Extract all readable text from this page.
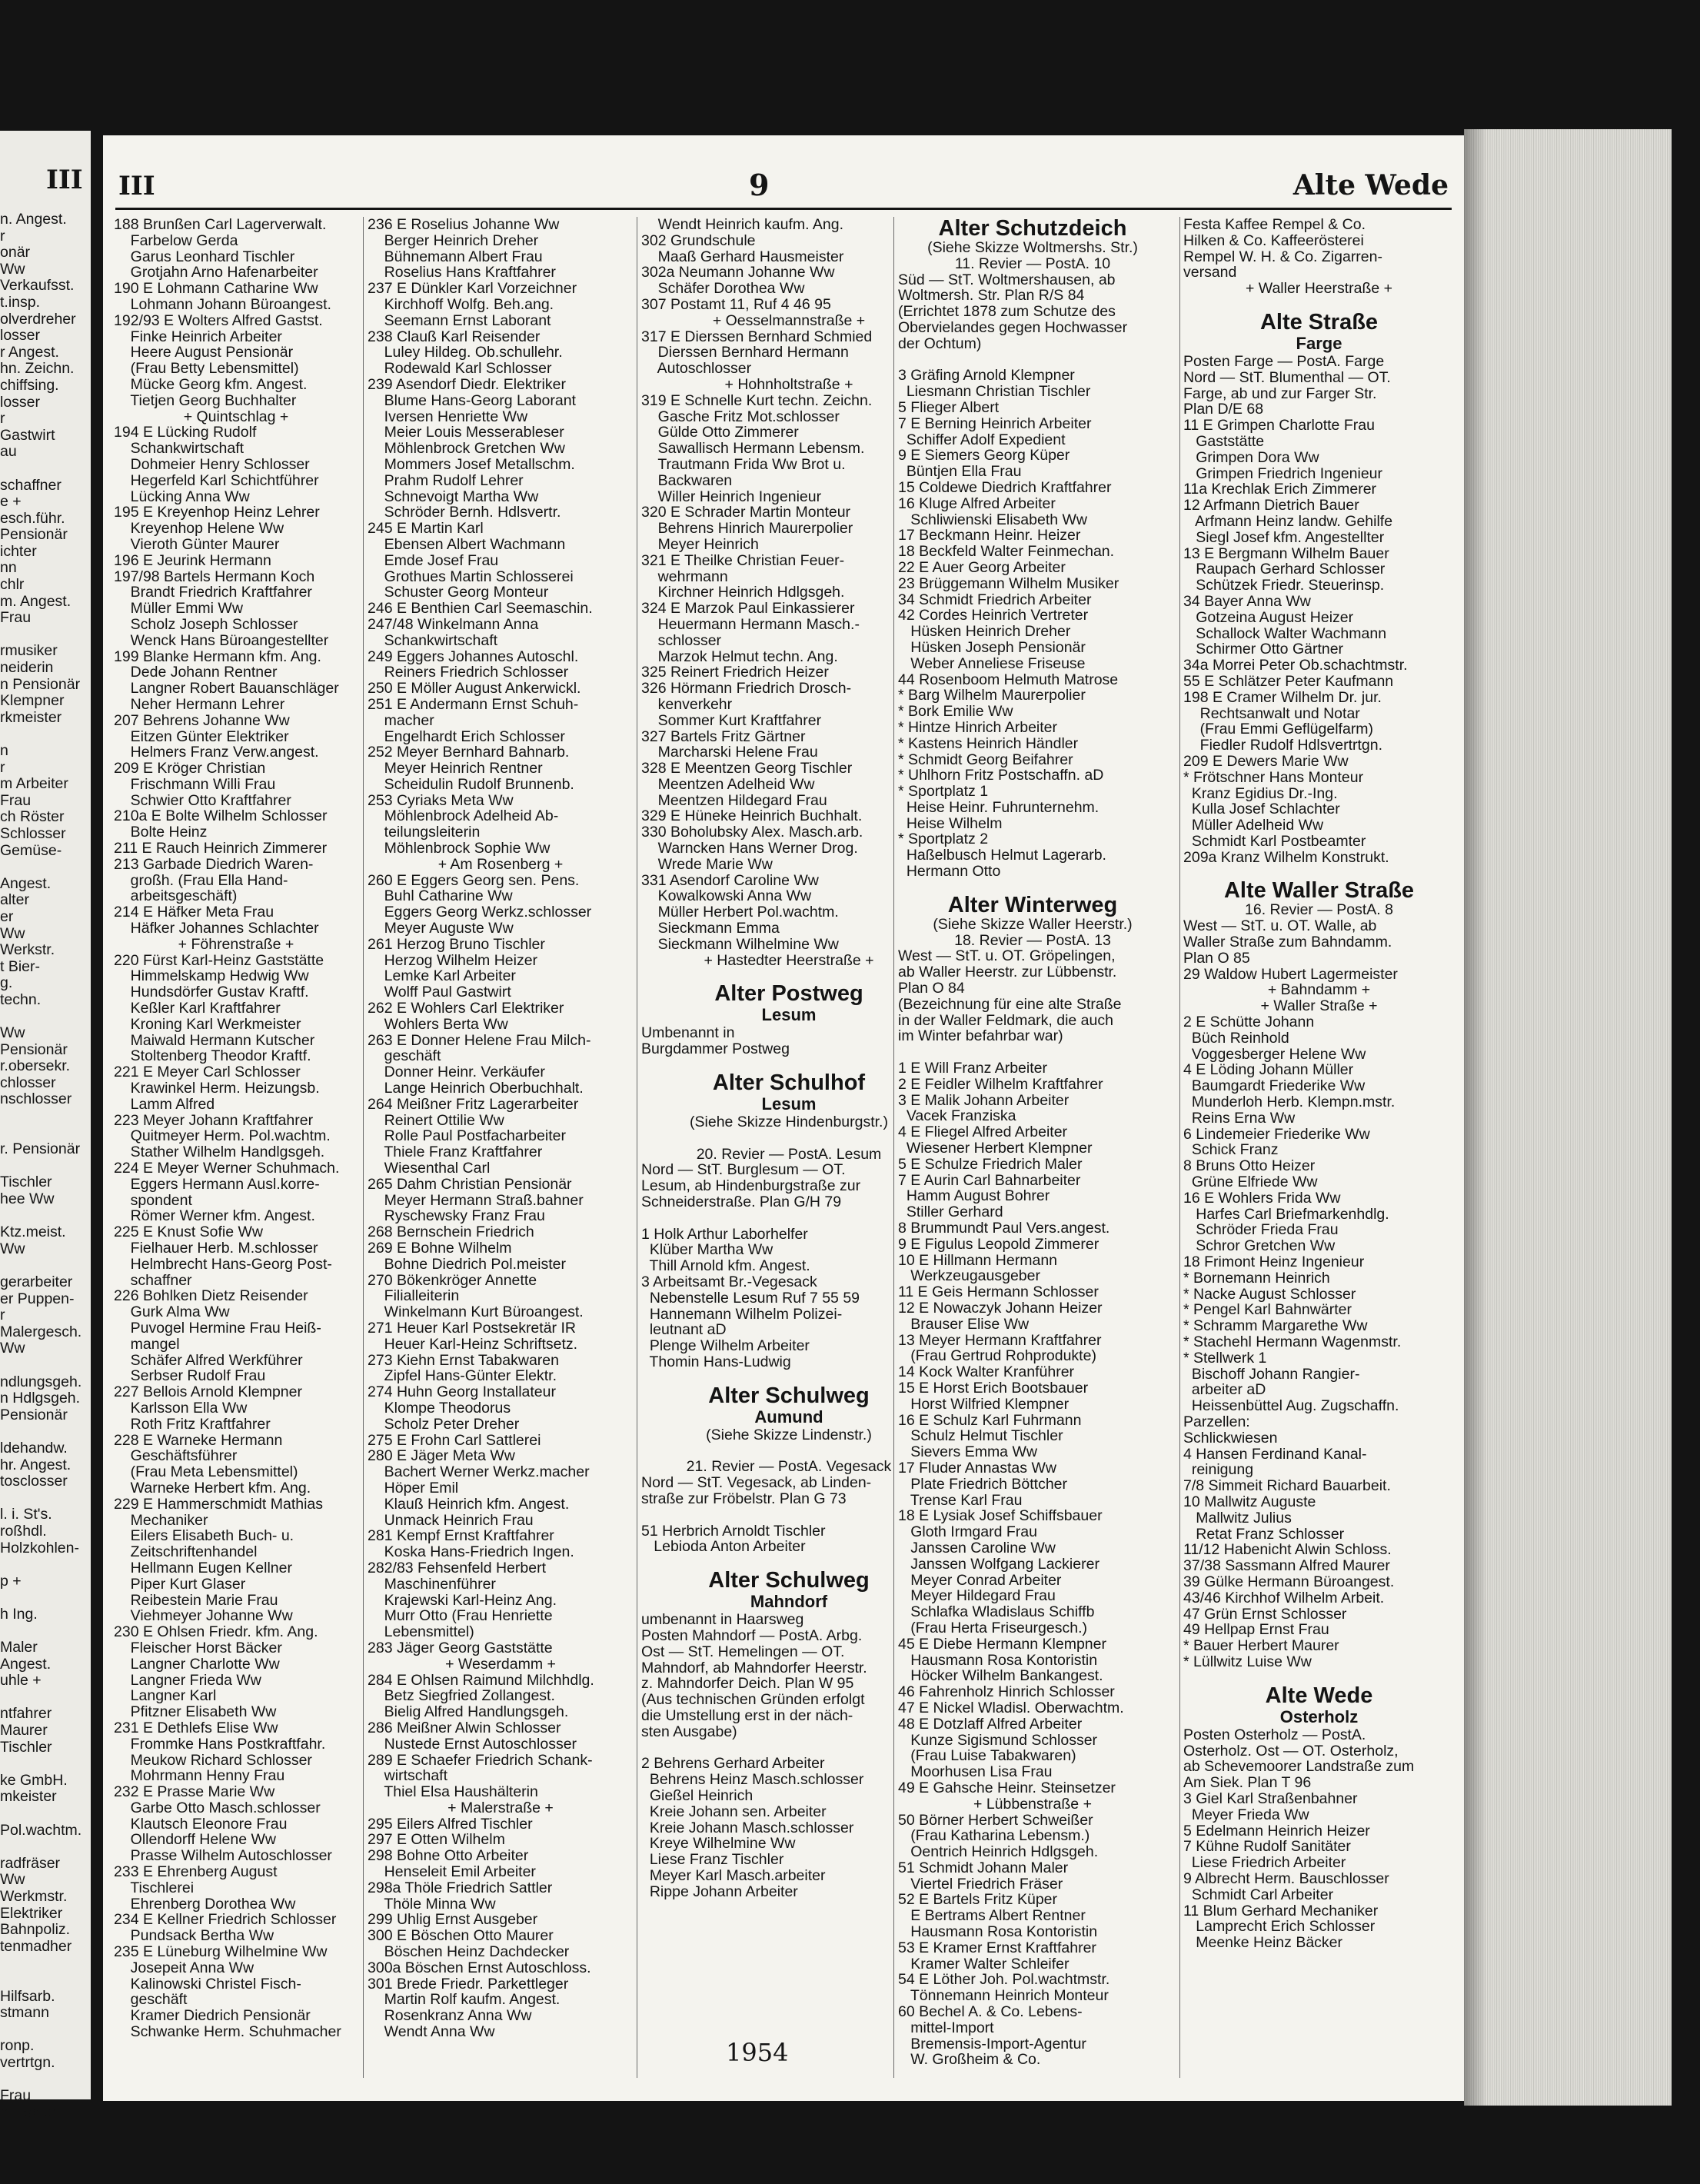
III
n. Angest.
r
onär
Ww
Verkaufsst.
t.insp.
olverdreher
losser
r Angest.
hn. Zeichn.
chiffsing.
losser
r
Gastwirt
au
schaffner
e +
esch.führ.
Pensionär
ichter
nn
chlr
m. Angest.
Frau
rmusiker
neiderin
n Pensionär
Klempner
rkmeister
n
r
m Arbeiter
Frau
ch Röster
Schlosser
Gemüse-
Angest.
alter
er
Ww
Werkstr.
t Bier-
g.
techn.
Ww
Pensionär
r.obersekr.
chlosser
nschlosser
r. Pensionär
Tischler
hee Ww
Ktz.meist.
Ww
gerarbeiter
er Puppen-
r
Malergesch.
Ww
ndlungsgeh.
n Hdlgsgeh.
Pensionär
ldehandw.
hr. Angest.
tosclosser
l. i. St's.
roßhdl.
Holzkohlen-
p +
h Ing.
Maler
Angest.
uhle +
ntfahrer
Maurer
Tischler
ke GmbH.
mkeister
Pol.wachtm.
radfräser
Ww
Werkmstr.
Elektriker
Bahnpoliz.
tenmadher
Hilfsarb.
stmann
ronp.
vertrtgn.
Frau
n Hobler
III	9	Alte Wede
188 Brunßen Carl Lagerverwalt.
Farbelow Gerda
Garus Leonhard Tischler
Grotjahn Arno Hafenarbeiter
190 E Lohmann Catharine Ww
Lohmann Johann Büroangest.
192/93 E Wolters Alfred Gastst.
Finke Heinrich Arbeiter
Heere August Pensionär
(Frau Betty Lebensmittel)
Mücke Georg kfm. Angest.
Tietjen Georg Buchhalter
+ Quintschlag +
194 E Lücking Rudolf
Schankwirtschaft
Dohmeier Henry Schlosser
Hegerfeld Karl Schichtführer
Lücking Anna Ww
195 E Kreyenhop Heinz Lehrer
Kreyenhop Helene Ww
Vieroth Günter Maurer
196 E Jeurink Hermann
197/98 Bartels Hermann Koch
Brandt Friedrich Kraftfahrer
Müller Emmi Ww
Scholz Joseph Schlosser
Wenck Hans Büroangestellter
199 Blanke Hermann kfm. Ang.
Dede Johann Rentner
Langner Robert Bauanschläger
Neher Hermann Lehrer
207 Behrens Johanne Ww
Eitzen Günter Elektriker
Helmers Franz Verw.angest.
209 E Kröger Christian
Frischmann Willi Frau
Schwier Otto Kraftfahrer
210a E Bolte Wilhelm Schlosser
Bolte Heinz
211 E Rauch Heinrich Zimmerer
213 Garbade Diedrich Waren-
großh. (Frau Ella Hand-
arbeitsgeschäft)
214 E Häfker Meta Frau
Häfker Johannes Schlachter
+ Föhrenstraße +
220 Fürst Karl-Heinz Gaststätte
Himmelskamp Hedwig Ww
Hundsdörfer Gustav Kraftf.
Keßler Karl Kraftfahrer
Kroning Karl Werkmeister
Maiwald Hermann Kutscher
Stoltenberg Theodor Kraftf.
221 E Meyer Carl Schlosser
Krawinkel Herm. Heizungsb.
Lamm Alfred
223 Meyer Johann Kraftfahrer
Quitmeyer Herm. Pol.wachtm.
Stather Wilhelm Handlgsgeh.
224 E Meyer Werner Schuhmach.
Eggers Hermann Ausl.korre-
spondent
Römer Werner kfm. Angest.
225 E Knust Sofie Ww
Fielhauer Herb. M.schlosser
Helmbrecht Hans-Georg Post-
schaffner
226 Bohlken Dietz Reisender
Gurk Alma Ww
Puvogel Hermine Frau Heiß-
mangel
Schäfer Alfred Werkführer
Serbser Rudolf Frau
227 Bellois Arnold Klempner
Karlsson Ella Ww
Roth Fritz Kraftfahrer
228 E Warneke Hermann
Geschäftsführer
(Frau Meta Lebensmittel)
Warneke Herbert kfm. Ang.
229 E Hammerschmidt Mathias
Mechaniker
Eilers Elisabeth Buch- u.
Zeitschriftenhandel
Hellmann Eugen Kellner
Piper Kurt Glaser
Reibestein Marie Frau
Viehmeyer Johanne Ww
230 E Ohlsen Friedr. kfm. Ang.
Fleischer Horst Bäcker
Langner Charlotte Ww
Langner Frieda Ww
Langner Karl
Pfitzner Elisabeth Ww
231 E Dethlefs Elise Ww
Frommke Hans Postkraftfahr.
Meukow Richard Schlosser
Mohrmann Henny Frau
232 E Prasse Marie Ww
Garbe Otto Masch.schlosser
Klautsch Eleonore Frau
Ollendorff Helene Ww
Prasse Wilhelm Autoschlosser
233 E Ehrenberg August
Tischlerei
Ehrenberg Dorothea Ww
234 E Kellner Friedrich Schlosser
Pundsack Bertha Ww
235 E Lüneburg Wilhelmine Ww
Josepeit Anna Ww
Kalinowski Christel Fisch-
geschäft
Kramer Diedrich Pensionär
Schwanke Herm. Schuhmacher
236 E Roselius Johanne Ww
Berger Heinrich Dreher
Bühnemann Albert Frau
Roselius Hans Kraftfahrer
237 E Dünkler Karl Vorzeichner
Kirchhoff Wolfg. Beh.ang.
Seemann Ernst Laborant
238 Clauß Karl Reisender
Luley Hildeg. Ob.schullehr.
Rodewald Karl Schlosser
239 Asendorf Diedr. Elektriker
Blume Hans-Georg Laborant
Iversen Henriette Ww
Meier Louis Messerableser
Möhlenbrock Gretchen Ww
Mommers Josef Metallschm.
Prahm Rudolf Lehrer
Schnevoigt Martha Ww
Schröder Bernh. Hdlsvertr.
245 E Martin Karl
Ebensen Albert Wachmann
Emde Josef Frau
Grothues Martin Schlosserei
Schuster Georg Monteur
246 E Benthien Carl Seemaschin.
247/48 Winkelmann Anna
Schankwirtschaft
249 Eggers Johannes Autoschl.
Reiners Friedrich Schlosser
250 E Möller August Ankerwickl.
251 E Andermann Ernst Schuh-
macher
Engelhardt Erich Schlosser
252 Meyer Bernhard Bahnarb.
Meyer Heinrich Rentner
Scheidulin Rudolf Brunnenb.
253 Cyriaks Meta Ww
Möhlenbrock Adelheid Ab-
teilungsleiterin
Möhlenbrock Sophie Ww
+ Am Rosenberg +
260 E Eggers Georg sen. Pens.
Buhl Catharine Ww
Eggers Georg Werkz.schlosser
Meyer Auguste Ww
261 Herzog Bruno Tischler
Herzog Wilhelm Heizer
Lemke Karl Arbeiter
Wolff Paul Gastwirt
262 E Wohlers Carl Elektriker
Wohlers Berta Ww
263 E Donner Helene Frau Milch-
geschäft
Donner Heinr. Verkäufer
Lange Heinrich Oberbuchhalt.
264 Meißner Fritz Lagerarbeiter
Reinert Ottilie Ww
Rolle Paul Postfacharbeiter
Thiele Franz Kraftfahrer
Wiesenthal Carl
265 Dahm Christian Pensionär
Meyer Hermann Straß.bahner
Ryschewsky Franz Frau
268 Bernschein Friedrich
269 E Bohne Wilhelm
Bohne Diedrich Pol.meister
270 Bökenkröger Annette
Filialleiterin
Winkelmann Kurt Büroangest.
271 Heuer Karl Postsekretär IR
Heuer Karl-Heinz Schriftsetz.
273 Kiehn Ernst Tabakwaren
Zipfel Hans-Günter Elektr.
274 Huhn Georg Installateur
Klompe Theodorus
Scholz Peter Dreher
275 E Frohn Carl Sattlerei
280 E Jäger Meta Ww
Bachert Werner Werkz.macher
Höper Emil
Klauß Heinrich kfm. Angest.
Unmack Heinrich Frau
281 Kempf Ernst Kraftfahrer
Koska Hans-Friedrich Ingen.
282/83 Fehsenfeld Herbert
Maschinenführer
Krajewski Karl-Heinz Ang.
Murr Otto (Frau Henriette
Lebensmittel)
283 Jäger Georg Gaststätte
+ Weserdamm +
284 E Ohlsen Raimund Milchhdlg.
Betz Siegfried Zollangest.
Bielig Alfred Handlungsgeh.
286 Meißner Alwin Schlosser
Nustede Ernst Autoschlosser
289 E Schaefer Friedrich Schank-
wirtschaft
Thiel Elsa Haushälterin
+ Malerstraße +
295 Eilers Alfred Tischler
297 E Otten Wilhelm
298 Bohne Otto Arbeiter
Henseleit Emil Arbeiter
298a Thöle Friedrich Sattler
Thöle Minna Ww
299 Uhlig Ernst Ausgeber
300 E Böschen Otto Maurer
Böschen Heinz Dachdecker
300a Böschen Ernst Autoschloss.
301 Brede Friedr. Parkettleger
Martin Rolf kaufm. Angest.
Rosenkranz Anna Ww
Wendt Anna Ww
Wendt Heinrich kaufm. Ang.
302 Grundschule
Maaß Gerhard Hausmeister
302a Neumann Johanne Ww
Schäfer Dorothea Ww
307 Postamt 11, Ruf 4 46 95
+ Oesselmannstraße +
317 E Dierssen Bernhard Schmied
Dierssen Bernhard Hermann
Autoschlosser
+ Hohnholtstraße +
319 E Schnelle Kurt techn. Zeichn.
Gasche Fritz Mot.schlosser
Gülde Otto Zimmerer
Sawallisch Hermann Lebensm.
Trautmann Frida Ww Brot u.
Backwaren
Willer Heinrich Ingenieur
320 E Schrader Martin Monteur
Behrens Hinrich Maurerpolier
Meyer Heinrich
321 E Theilke Christian Feuer-
wehrmann
Kirchner Heinrich Hdlgsgeh.
324 E Marzok Paul Einkassierer
Heuermann Hermann Masch.-
schlosser
Marzok Helmut techn. Ang.
325 Reinert Friedrich Heizer
326 Hörmann Friedrich Drosch-
kenverkehr
Sommer Kurt Kraftfahrer
327 Bartels Fritz Gärtner
Marcharski Helene Frau
328 E Meentzen Georg Tischler
Meentzen Adelheid Ww
Meentzen Hildegard Frau
329 E Hüneke Heinrich Buchhalt.
330 Boholubsky Alex. Masch.arb.
Warncken Hans Werner Drog.
Wrede Marie Ww
331 Asendorf Caroline Ww
Kowalkowski Anna Ww
Müller Herbert Pol.wachtm.
Sieckmann Emma
Sieckmann Wilhelmine Ww
+ Hastedter Heerstraße +
Alter Postweg
Lesum
Umbenannt in
Burgdammer Postweg
Alter Schulhof
Lesum
(Siehe Skizze Hindenburgstr.)
20. Revier — PostA. Lesum
Nord — StT. Burglesum — OT.
Lesum, ab Hindenburgstraße zur
Schneiderstraße. Plan G/H 79
1 Holk Arthur Laborhelfer
Klüber Martha Ww
Thill Arnold kfm. Angest.
3 Arbeitsamt Br.-Vegesack
Nebenstelle Lesum Ruf 7 55 59
Hannemann Wilhelm Polizei-
leutnant aD
Plenge Wilhelm Arbeiter
Thomin Hans-Ludwig
Alter Schulweg
Aumund
(Siehe Skizze Lindenstr.)
21. Revier — PostA. Vegesack
Nord — StT. Vegesack, ab Linden-
straße zur Fröbelstr. Plan G 73
51 Herbrich Arnoldt Tischler
Lebioda Anton Arbeiter
Alter Schulweg
Mahndorf
umbenannt in Haarsweg
Posten Mahndorf — PostA. Arbg.
Ost — StT. Hemelingen — OT.
Mahndorf, ab Mahndorfer Heerstr.
z. Mahndorfer Deich. Plan W 95
(Aus technischen Gründen erfolgt
die Umstellung erst in der näch-
sten Ausgabe)
2 Behrens Gerhard Arbeiter
Behrens Heinz Masch.schlosser
Gießel Heinrich
Kreie Johann sen. Arbeiter
Kreie Johann Masch.schlosser
Kreye Wilhelmine Ww
Liese Franz Tischler
Meyer Karl Masch.arbeiter
Rippe Johann Arbeiter
Alter Schutzdeich
(Siehe Skizze Woltmershs. Str.)
11. Revier — PostA. 10
Süd — StT. Woltmershausen, ab
Woltmersh. Str. Plan R/S 84
(Errichtet 1878 zum Schutze des
Obervielandes gegen Hochwasser
der Ochtum)
3 Gräfing Arnold Klempner
Liesmann Christian Tischler
5 Flieger Albert
7 E Berning Heinrich Arbeiter
Schiffer Adolf Expedient
9 E Siemers Georg Küper
Büntjen Ella Frau
15 Coldewe Diedrich Kraftfahrer
16 Kluge Alfred Arbeiter
Schliwienski Elisabeth Ww
17 Beckmann Heinr. Heizer
18 Beckfeld Walter Feinmechan.
22 E Auer Georg Arbeiter
23 Brüggemann Wilhelm Musiker
34 Schmidt Friedrich Arbeiter
42 Cordes Heinrich Vertreter
Hüsken Heinrich Dreher
Hüsken Joseph Pensionär
Weber Anneliese Friseuse
44 Rosenboom Helmuth Matrose
* Barg Wilhelm Maurerpolier
* Bork Emilie Ww
* Hintze Hinrich Arbeiter
* Kastens Heinrich Händler
* Schmidt Georg Beifahrer
* Uhlhorn Fritz Postschaffn. aD
* Sportplatz 1
Heise Heinr. Fuhrunternehm.
Heise Wilhelm
* Sportplatz 2
Haßelbusch Helmut Lagerarb.
Hermann Otto
Alter Winterweg
(Siehe Skizze Waller Heerstr.)
18. Revier — PostA. 13
West — StT. u. OT. Gröpelingen,
ab Waller Heerstr. zur Lübbenstr.
Plan O 84
(Bezeichnung für eine alte Straße
in der Waller Feldmark, die auch
im Winter befahrbar war)
1 E Will Franz Arbeiter
2 E Feidler Wilhelm Kraftfahrer
3 E Malik Johann Arbeiter
Vacek Franziska
4 E Fliegel Alfred Arbeiter
Wiesener Herbert Klempner
5 E Schulze Friedrich Maler
7 E Aurin Carl Bahnarbeiter
Hamm August Bohrer
Stiller Gerhard
8 Brummundt Paul Vers.angest.
9 E Figulus Leopold Zimmerer
10 E Hillmann Hermann
Werkzeugausgeber
11 E Geis Hermann Schlosser
12 E Nowaczyk Johann Heizer
Brauser Elise Ww
13 Meyer Hermann Kraftfahrer
(Frau Gertrud Rohprodukte)
14 Kock Walter Kranführer
15 E Horst Erich Bootsbauer
Horst Wilfried Klempner
16 E Schulz Karl Fuhrmann
Schulz Helmut Tischler
Sievers Emma Ww
17 Fluder Annastas Ww
Plate Friedrich Böttcher
Trense Karl Frau
18 E Lysiak Josef Schiffsbauer
Gloth Irmgard Frau
Janssen Caroline Ww
Janssen Wolfgang Lackierer
Meyer Conrad Arbeiter
Meyer Hildegard Frau
Schlafka Wladislaus Schiffb
(Frau Herta Friseurgesch.)
45 E Diebe Hermann Klempner
Hausmann Rosa Kontoristin
Höcker Wilhelm Bankangest.
46 Fahrenholz Hinrich Schlosser
47 E Nickel Wladisl. Oberwachtm.
48 E Dotzlaff Alfred Arbeiter
Kunze Sigismund Schlosser
(Frau Luise Tabakwaren)
Moorhusen Lisa Frau
49 E Gahsche Heinr. Steinsetzer
+ Lübbenstraße +
50 Börner Herbert Schweißer
(Frau Katharina Lebensm.)
Oentrich Heinrich Hdlgsgeh.
51 Schmidt Johann Maler
Viertel Friedrich Fräser
52 E Bartels Fritz Küper
E Bertrams Albert Rentner
Hausmann Rosa Kontoristin
53 E Kramer Ernst Kraftfahrer
Kramer Walter Schleifer
54 E Löther Joh. Pol.wachtmstr.
Tönnemann Heinrich Monteur
60 Bechel A. & Co. Lebens-
mittel-Import
Bremensis-Import-Agentur
W. Großheim & Co.
Festa Kaffee Rempel & Co.
Hilken & Co. Kaffeerösterei
Rempel W. H. & Co. Zigarren-
versand
+ Waller Heerstraße +
Alte Straße
Farge
Posten Farge — PostA. Farge
Nord — StT. Blumenthal — OT.
Farge, ab und zur Farger Str.
Plan D/E 68
11 E Grimpen Charlotte Frau
Gaststätte
Grimpen Dora Ww
Grimpen Friedrich Ingenieur
11a Krechlak Erich Zimmerer
12 Arfmann Dietrich Bauer
Arfmann Heinz landw. Gehilfe
Siegl Josef kfm. Angestellter
13 E Bergmann Wilhelm Bauer
Raupach Gerhard Schlosser
Schützek Friedr. Steuerinsp.
34 Bayer Anna Ww
Gotzeina August Heizer
Schallock Walter Wachmann
Schirmer Otto Gärtner
34a Morrei Peter Ob.schachtmstr.
55 E Schlätzer Peter Kaufmann
198 E Cramer Wilhelm Dr. jur.
Rechtsanwalt und Notar
(Frau Emmi Geflügelfarm)
Fiedler Rudolf Hdlsvertrtgn.
209 E Dewers Marie Ww
* Frötschner Hans Monteur
Kranz Egidius Dr.-Ing.
Kulla Josef Schlachter
Müller Adelheid Ww
Schmidt Karl Postbeamter
209a Kranz Wilhelm Konstrukt.
Alte Waller Straße
16. Revier — PostA. 8
West — StT. u. OT. Walle, ab
Waller Straße zum Bahndamm.
Plan O 85
29 Waldow Hubert Lagermeister
+ Bahndamm +
+ Waller Straße +
2 E Schütte Johann
Büch Reinhold
Voggesberger Helene Ww
4 E Löding Johann Müller
Baumgardt Friederike Ww
Munderloh Herb. Klempn.mstr.
Reins Erna Ww
6 Lindemeier Friederike Ww
Schick Franz
8 Bruns Otto Heizer
Grüne Elfriede Ww
16 E Wohlers Frida Ww
Harfes Carl Briefmarkenhdlg.
Schröder Frieda Frau
Schror Gretchen Ww
18 Frimont Heinz Ingenieur
* Bornemann Heinrich
* Nacke August Schlosser
* Pengel Karl Bahnwärter
* Schramm Margarethe Ww
* Stachehl Hermann Wagenmstr.
* Stellwerk 1
Bischoff Johann Rangier-
arbeiter aD
Heissenbüttel Aug. Zugschaffn.
Parzellen:
Schlickwiesen
4 Hansen Ferdinand Kanal-
reinigung
7/8 Simmeit Richard Bauarbeit.
10 Mallwitz Auguste
Mallwitz Julius
Retat Franz Schlosser
11/12 Habenicht Alwin Schloss.
37/38 Sassmann Alfred Maurer
39 Gülke Hermann Büroangest.
43/46 Kirchhof Wilhelm Arbeit.
47 Grün Ernst Schlosser
49 Hellpap Ernst Frau
* Bauer Herbert Maurer
* Lüllwitz Luise Ww
Alte Wede
Osterholz
Posten Osterholz — PostA.
Osterholz. Ost — OT. Osterholz,
ab Schevemoorer Landstraße zum
Am Siek. Plan T 96
3 Giel Karl Straßenbahner
Meyer Frieda Ww
5 Edelmann Heinrich Heizer
7 Kühne Rudolf Sanitäter
Liese Friedrich Arbeiter
9 Albrecht Herm. Bauschlosser
Schmidt Carl Arbeiter
11 Blum Gerhard Mechaniker
Lamprecht Erich Schlosser
Meenke Heinz Bäcker
1954
